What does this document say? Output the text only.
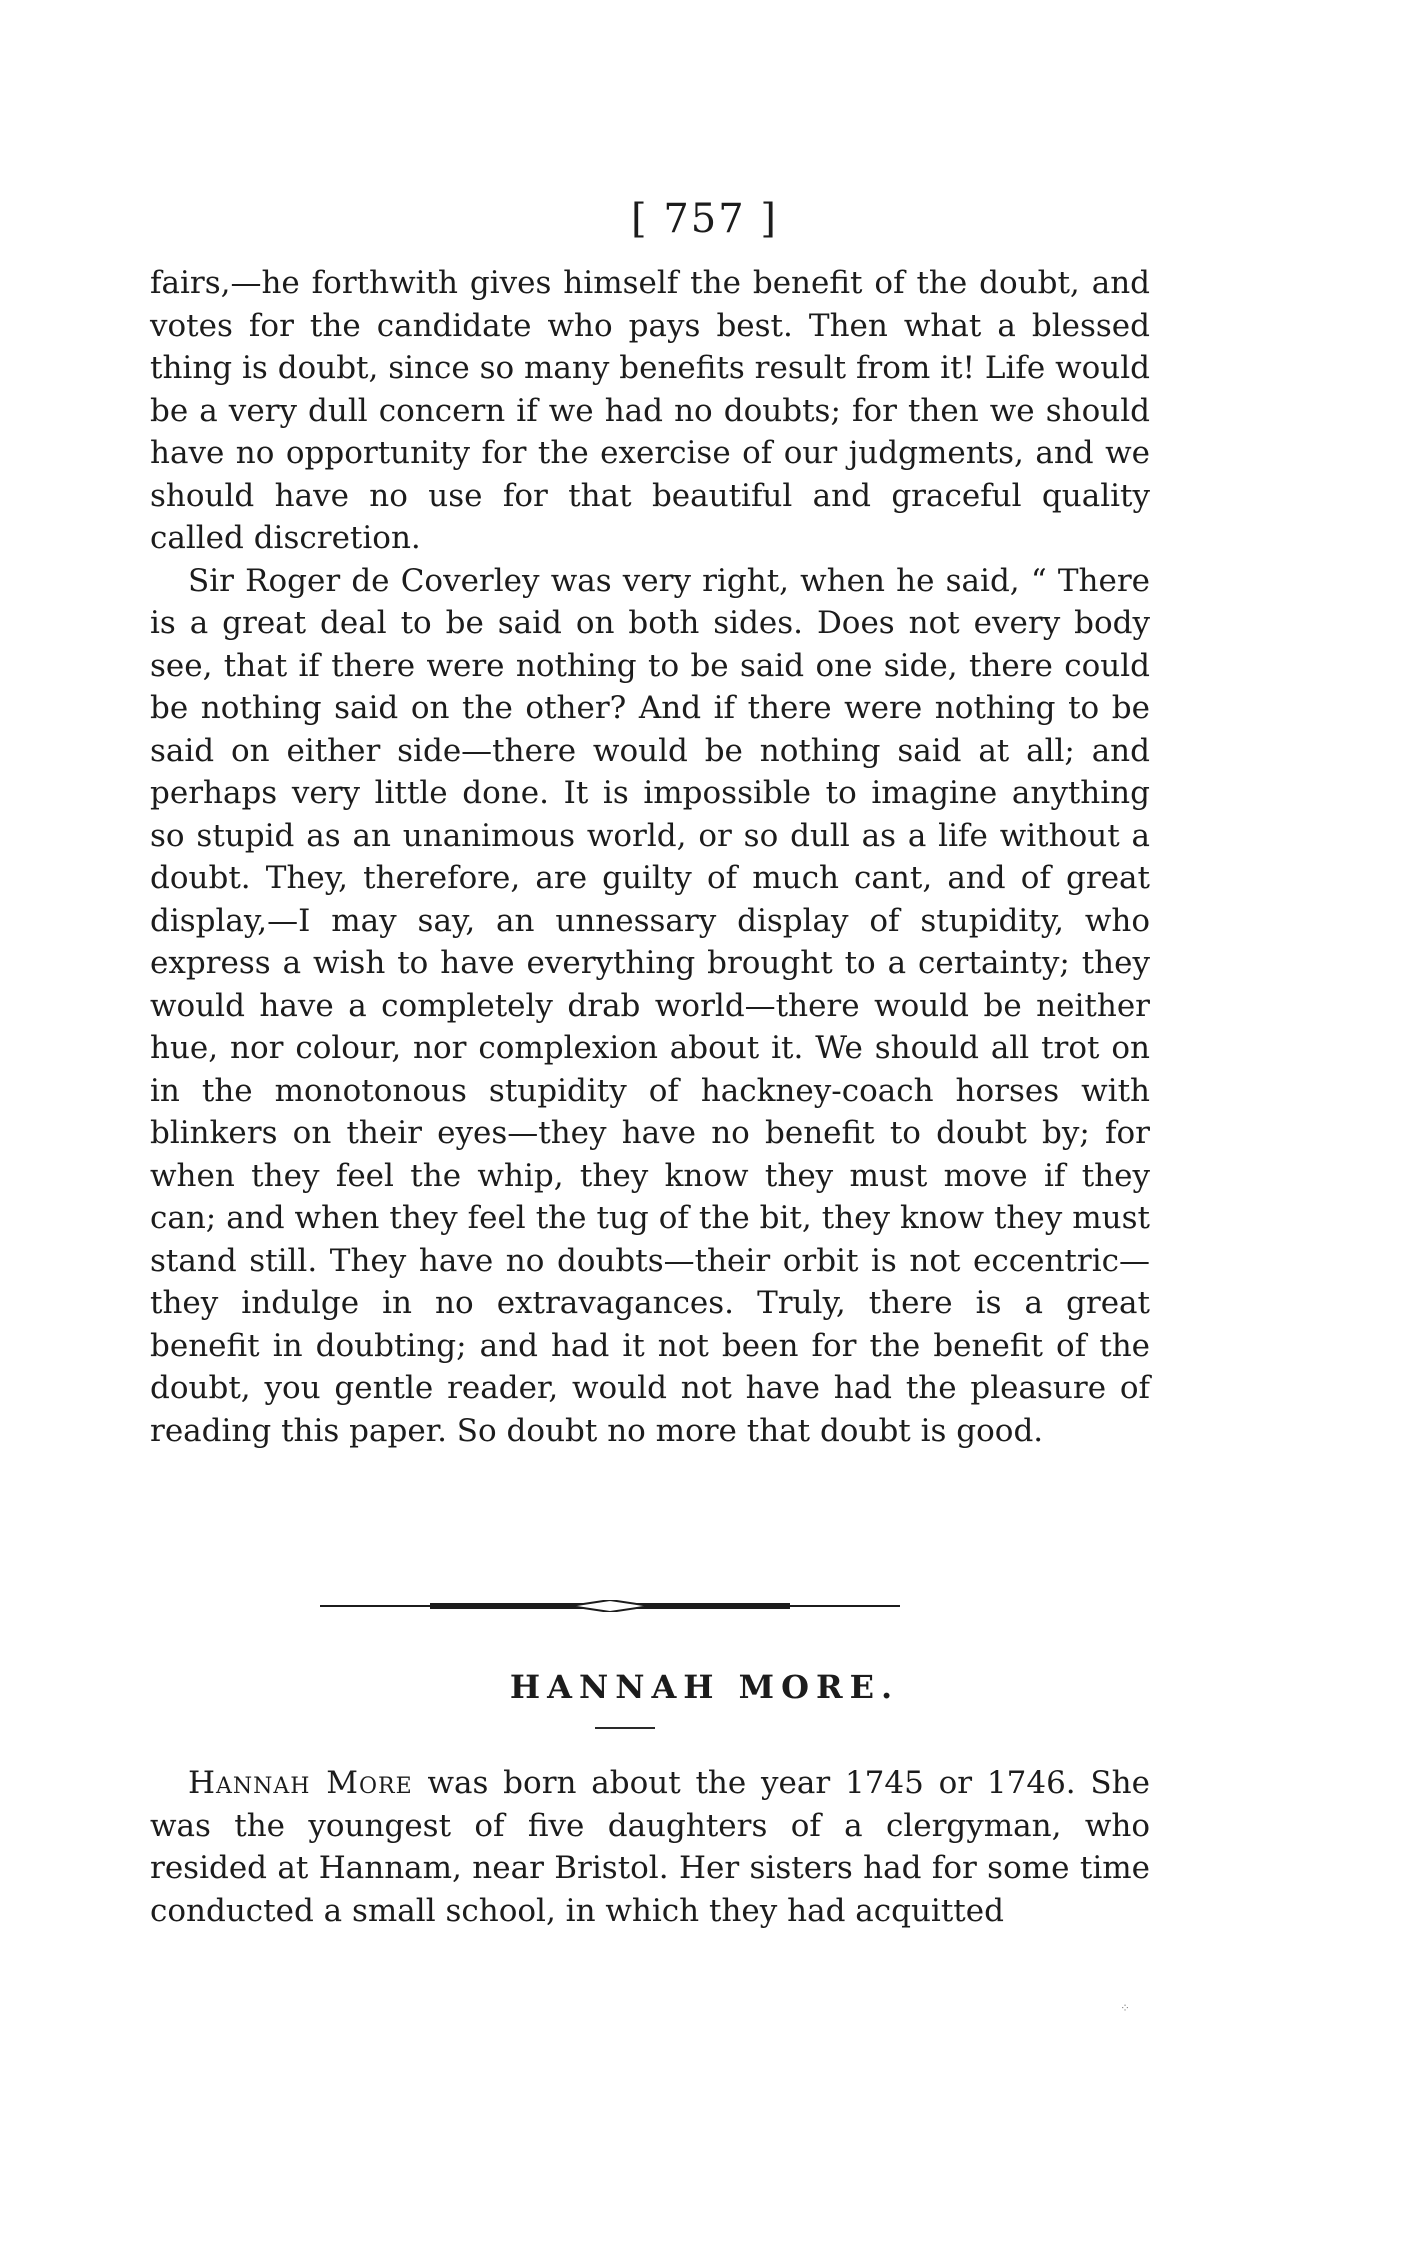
[ 757 ]

fairs,—he forthwith gives himself the benefit of the doubt, and votes for the candidate who pays best. Then what a blessed thing is doubt, since so many benefits result from it! Life would be a very dull concern if we had no doubts; for then we should have no opportunity for the exercise of our judgments, and we should have no use for that beautiful and graceful quality called discretion.

Sir Roger de Coverley was very right, when he said, “ There is a great deal to be said on both sides. Does not every body see, that if there were nothing to be said one side, there could be nothing said on the other? And if there were nothing to be said on either side—there would be nothing said at all; and perhaps very little done. It is impossible to imagine anything so stupid as an unanimous world, or so dull as a life without a doubt. They, therefore, are guilty of much cant, and of great display,—I may say, an unnessary display of stupidity, who express a wish to have everything brought to a certainty; they would have a completely drab world—there would be neither hue, nor colour, nor complexion about it. We should all trot on in the monotonous stupidity of hackney-coach horses with blinkers on their eyes—they have no benefit to doubt by; for when they feel the whip, they know they must move if they can; and when they feel the tug of the bit, they know they must stand still. They have no doubts—their orbit is not eccentric—they indulge in no extravagances. Truly, there is a great benefit in doubting; and had it not been for the benefit of the doubt, you gentle reader, would not have had the pleasure of reading this paper. So doubt no more that doubt is good.

HANNAH MORE.

Hannah More was born about the year 1745 or 1746. She was the youngest of five daughters of a clergyman, who resided at Hannam, near Bristol. Her sisters had for some time conducted a small school, in which they had acquitted

⁘
